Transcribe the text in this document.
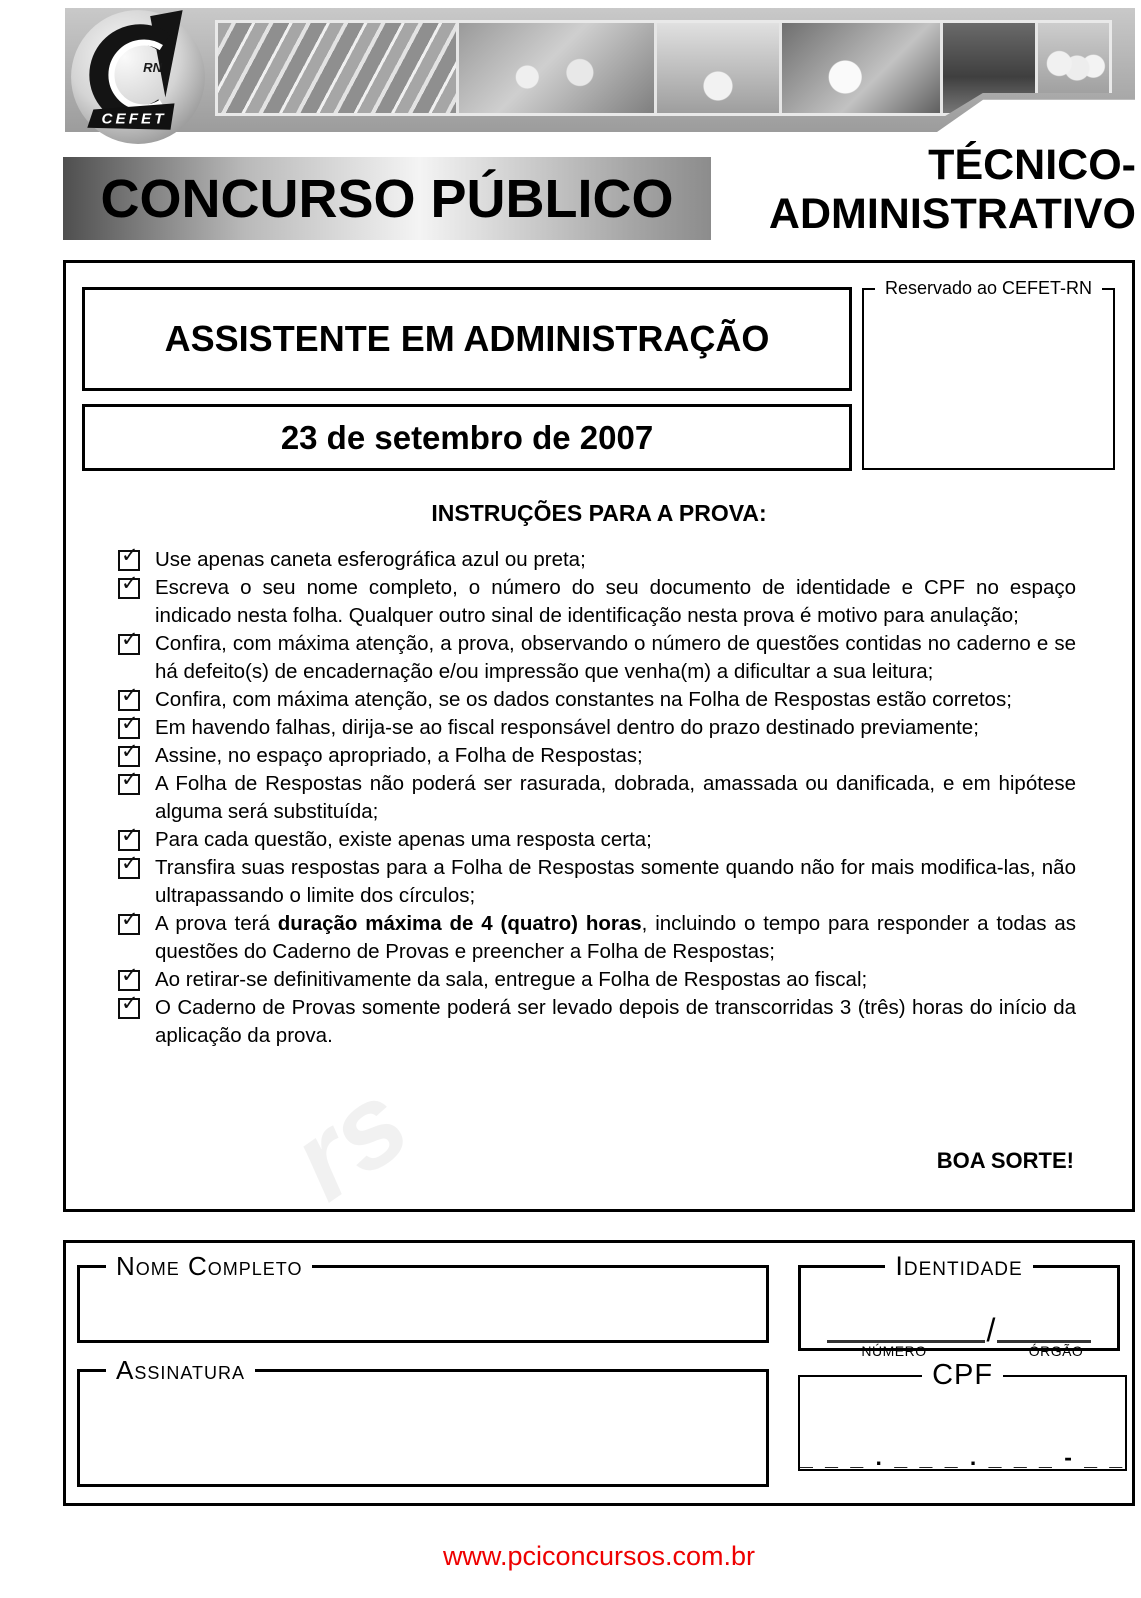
rs
RN
CEFET
CONCURSO PÚBLICO
TÉCNICO-
ADMINISTRATIVO
ASSISTENTE EM ADMINISTRAÇÃO
23 de setembro de 2007
Reservado ao CEFET-RN
INSTRUÇÕES PARA A PROVA:
✓ Use apenas caneta esferográfica azul ou preta;
✓ Escreva o seu nome completo, o número do seu documento de identidade e CPF no espaço indicado nesta folha. Qualquer outro sinal de identificação nesta prova é motivo para anulação;
✓ Confira, com máxima atenção, a prova, observando o número de questões contidas no caderno e se há defeito(s) de encadernação e/ou impressão que venha(m) a dificultar a sua leitura;
✓ Confira, com máxima atenção, se os dados constantes na Folha de Respostas estão corretos;
✓ Em havendo falhas, dirija-se ao fiscal responsável dentro do prazo destinado previamente;
✓ Assine, no espaço apropriado, a Folha de Respostas;
✓ A Folha de Respostas não poderá ser rasurada, dobrada, amassada ou danificada, e em hipótese alguma será substituída;
✓ Para cada questão, existe apenas uma resposta certa;
✓ Transfira suas respostas para a Folha de Respostas somente quando não for mais modifica-las, não ultrapassando o limite dos círculos;
✓ A prova terá duração máxima de 4 (quatro) horas, incluindo o tempo para responder a todas as questões do Caderno de Provas e preencher a Folha de Respostas;
✓ Ao retirar-se definitivamente da sala, entregue a Folha de Respostas ao fiscal;
✓ O Caderno de Provas somente poderá ser levado depois de transcorridas 3 (três) horas do início da aplicação da prova.
BOA SORTE!
Nome Completo	Identidade
/
NÚMERO	ÓRGÃO
Assinatura	CPF
_ _ _ . _ _ _ . _ _ _ - _ _
www.pciconcursos.com.br
